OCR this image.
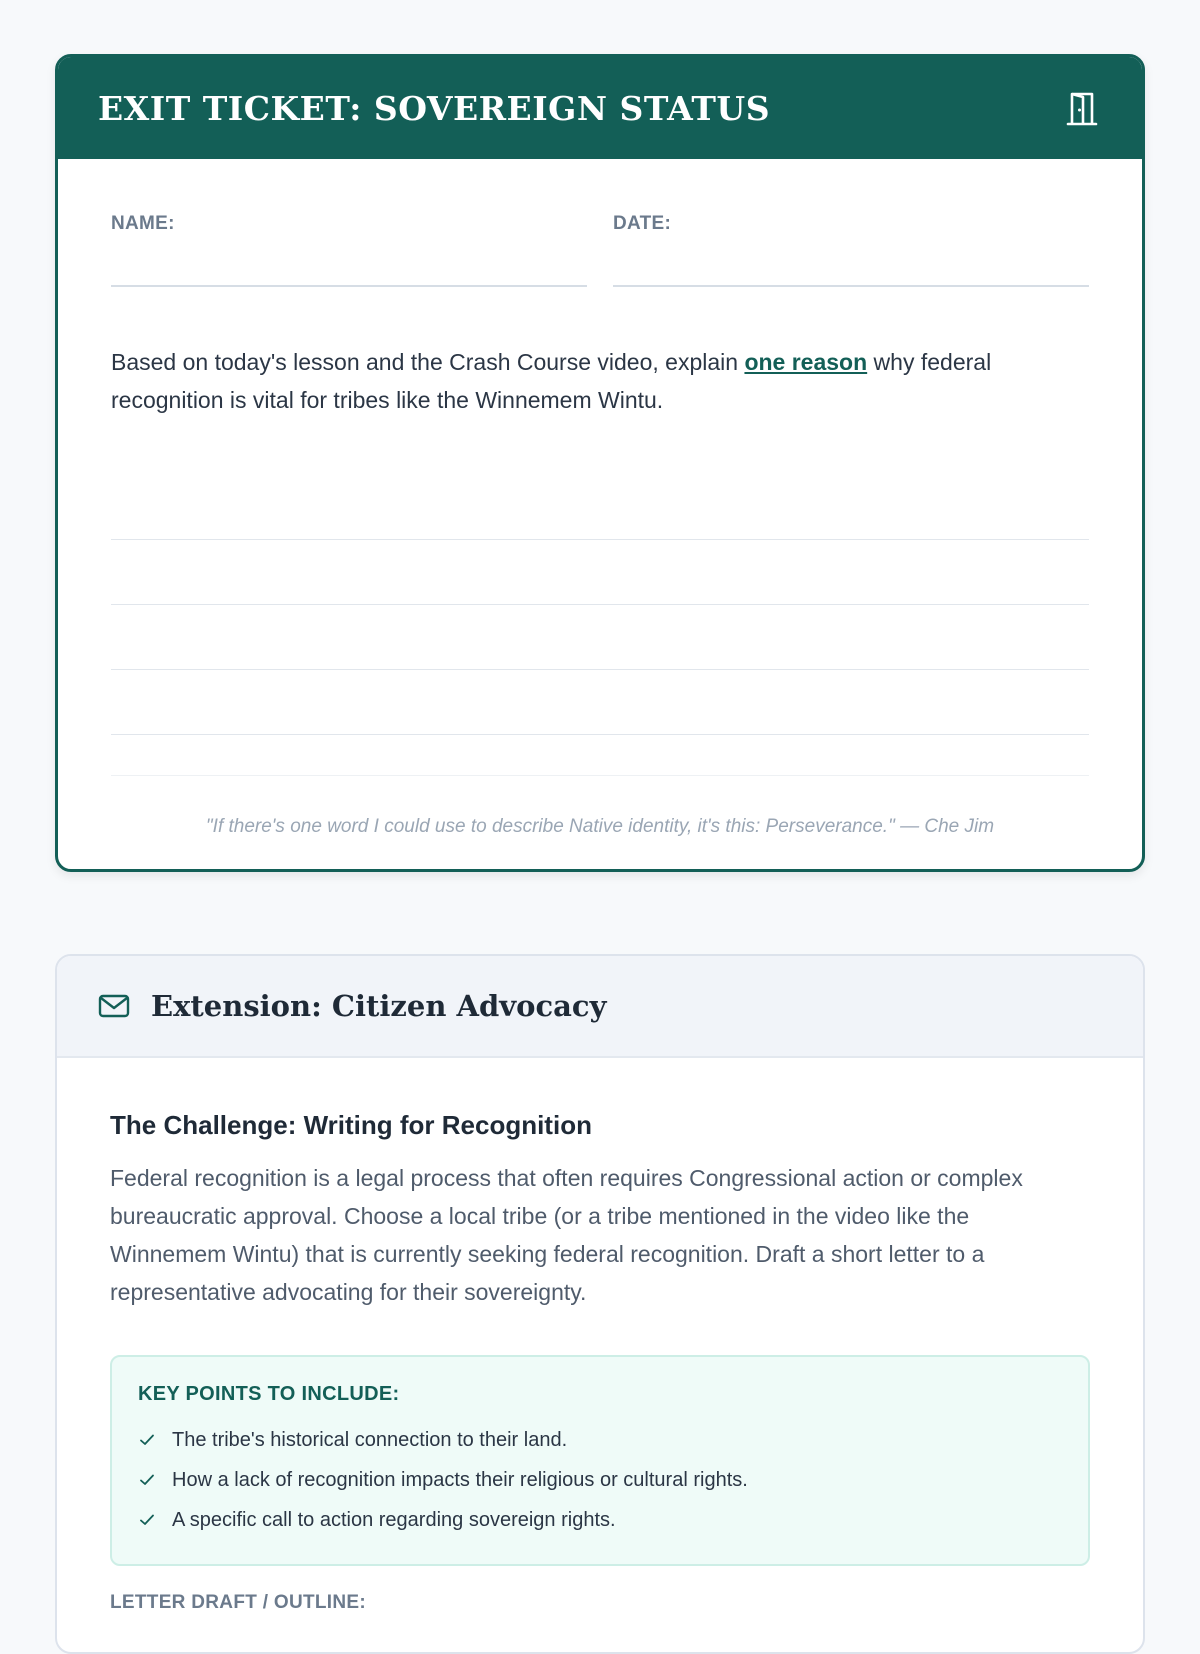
EXIT TICKET: SOVEREIGN STATUS
NAME:	DATE:
Based on today's lesson and the Crash Course video, explain one reason why federal recognition is vital for tribes like the Winnemem Wintu.
"If there's one word I could use to describe Native identity, it's this: Perseverance." — Che Jim
Extension: Citizen Advocacy
The Challenge: Writing for Recognition
Federal recognition is a legal process that often requires Congressional action or complex bureaucratic approval. Choose a local tribe (or a tribe mentioned in the video like the Winnemem Wintu) that is currently seeking federal recognition. Draft a short letter to a representative advocating for their sovereignty.
KEY POINTS TO INCLUDE:
The tribe's historical connection to their land.
How a lack of recognition impacts their religious or cultural rights.
A specific call to action regarding sovereign rights.
LETTER DRAFT / OUTLINE:
